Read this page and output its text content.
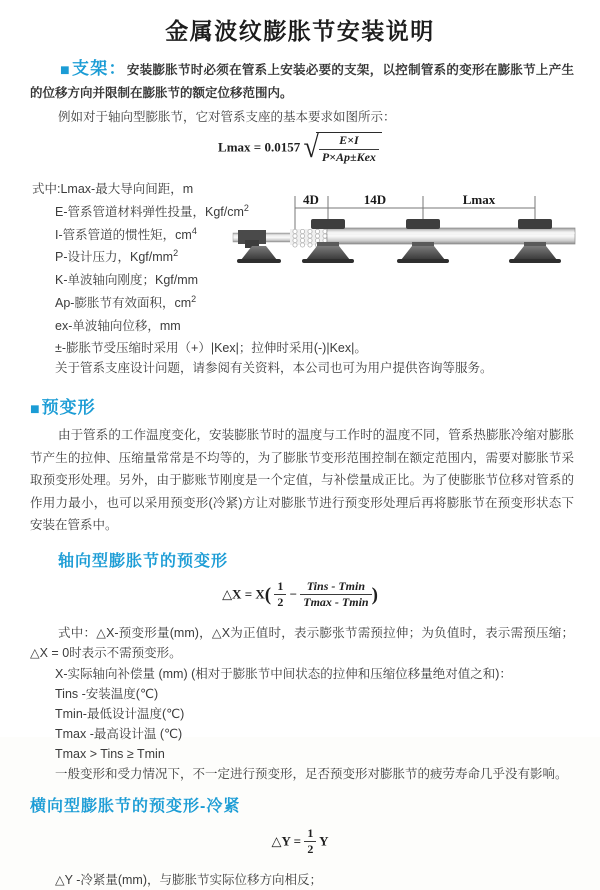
金属波纹膨胀节安装说明

■支架：安装膨胀节时必须在管系上安装必要的支架，以控制管系的变形在膨胀节上产生的位移方向并限制在膨胀节的额定位移范围内。

例如对于轴向型膨胀节，它对管系支座的基本要求如图所示：

Lmax = 0.0157 √ $\frac{E\times I}{\text{P×Ap±Kex}}$
式中:Lmax-最大导向间距，m
E-管系管道材料弹性投量，Kgf/$cm^2$
I-管系管道的惯性矩，$cm^4$
P-设计压力，Kgf/$mm^2$
K-单波轴向刚度；Kgf/mm
Ap-膨胀节有效面积，$cm^2$
ex-单波轴向位移，mm
±-膨胀节受压缩时采用（+）|Kex|；拉伸时采用(-)|Kex|。

关于管系支座设计问题，请参阅有关资料，本公司也可为用户提供咨询等服务。

4D	14D	Lmax
■预变形

由于管系的工作温度变化，安装膨胀节时的温度与工作时的温度不同，管系热膨胀冷缩对膨胀节产生的拉伸、压缩量常常是不均等的，为了膨胀节变形范围控制在额定范围内，需要对膨胀节采取预变形处理。另外，由于膨账节刚度是一个定值，与补偿量成正比。为了使膨胀节位移对管系的作用力最小，也可以采用预变形(冷紧)方让对膨胀节进行预变形处理后再将膨胀节在预变形状态下安装在管系中。

轴向型膨胀节的预变形
△X = $X( \frac{1}{2} - \frac{\text{Tins - Tmin}}{Tmax - Tmin}$ )

式中：△X-预变形量(mm)，△X为正值时，表示膨张节需预拉伸；为负值时，表示需预压缩；△X = 0时表示不需预变形。

X-实际轴向补偿量 (mm) (相对于膨胀节中间状态的拉伸和压缩位移量绝对值之和)：

Tins -安装温度(℃)
Tmin-最低设计温度(℃)
Tmax -最高设计温 (℃)
Tmax > Tins ≥ Tmin

一般变形和受力情况下，不一定进行预变形，足否预变形对膨胀节的疲劳寿命几乎没有影响。

横向型膨胀节的预变形-冷紧
△Y = $\frac{1}{2}$ Y

△Y -冷紧量(mm)，与膨胀节实际位移方向相反；
